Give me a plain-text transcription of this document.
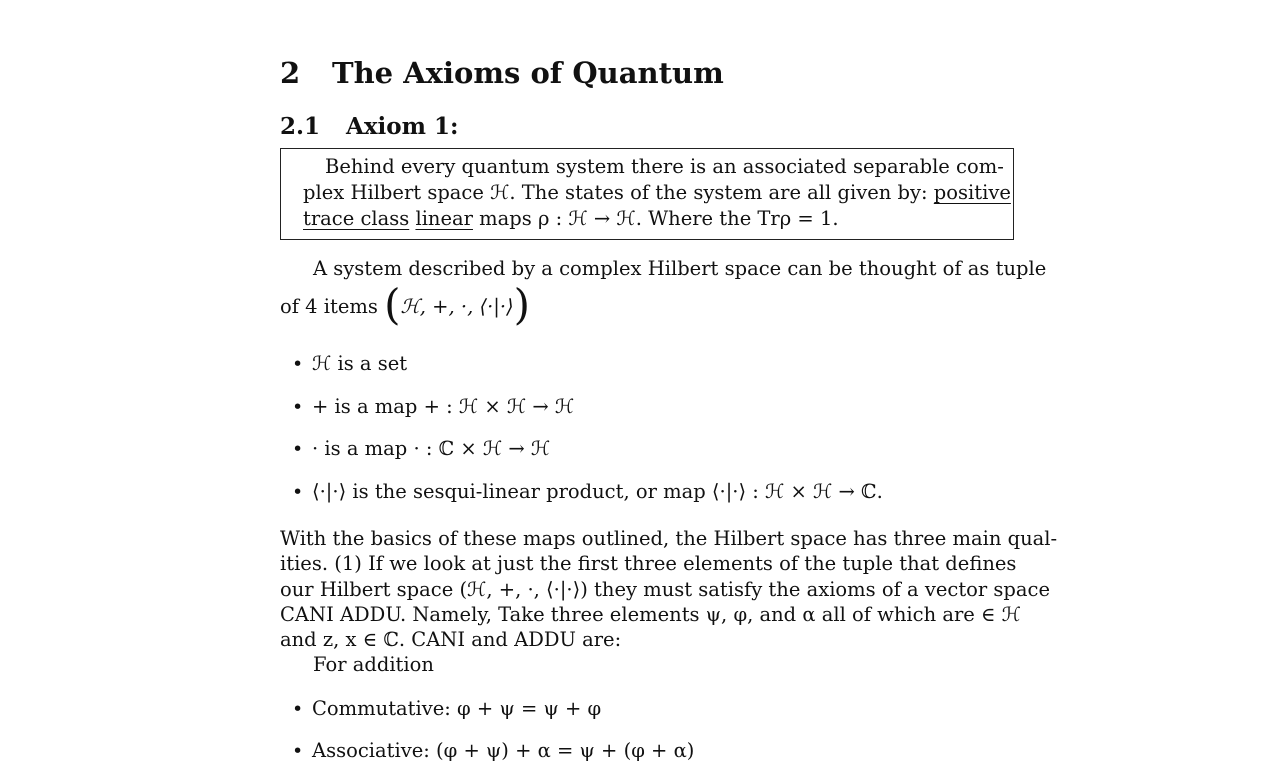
2 The Axioms of Quantum
2.1 Axiom 1:
Behind every quantum system there is an associated separable com-
plex Hilbert space ℋ. The states of the system are all given by: positive
trace class linear maps ρ : ℋ → ℋ. Where the Trρ = 1.
A system described by a complex Hilbert space can be thought of as tuple
of 4 items (ℋ, +, ·, ⟨·|·⟩)
• ℋ is a set
• + is a map + : ℋ × ℋ → ℋ
• · is a map · : ℂ × ℋ → ℋ
• ⟨·|·⟩ is the sesqui-linear product, or map ⟨·|·⟩ : ℋ × ℋ → ℂ.
With the basics of these maps outlined, the Hilbert space has three main qual-
ities. (1) If we look at just the first three elements of the tuple that defines
our Hilbert space (ℋ, +, ·, ⟨·|·⟩) they must satisfy the axioms of a vector space
CANI ADDU. Namely, Take three elements ψ, φ, and α all of which are ∈ ℋ
and z, x ∈ ℂ. CANI and ADDU are:
For addition
• Commutative: φ + ψ = ψ + φ
• Associative: (φ + ψ) + α = ψ + (φ + α)
